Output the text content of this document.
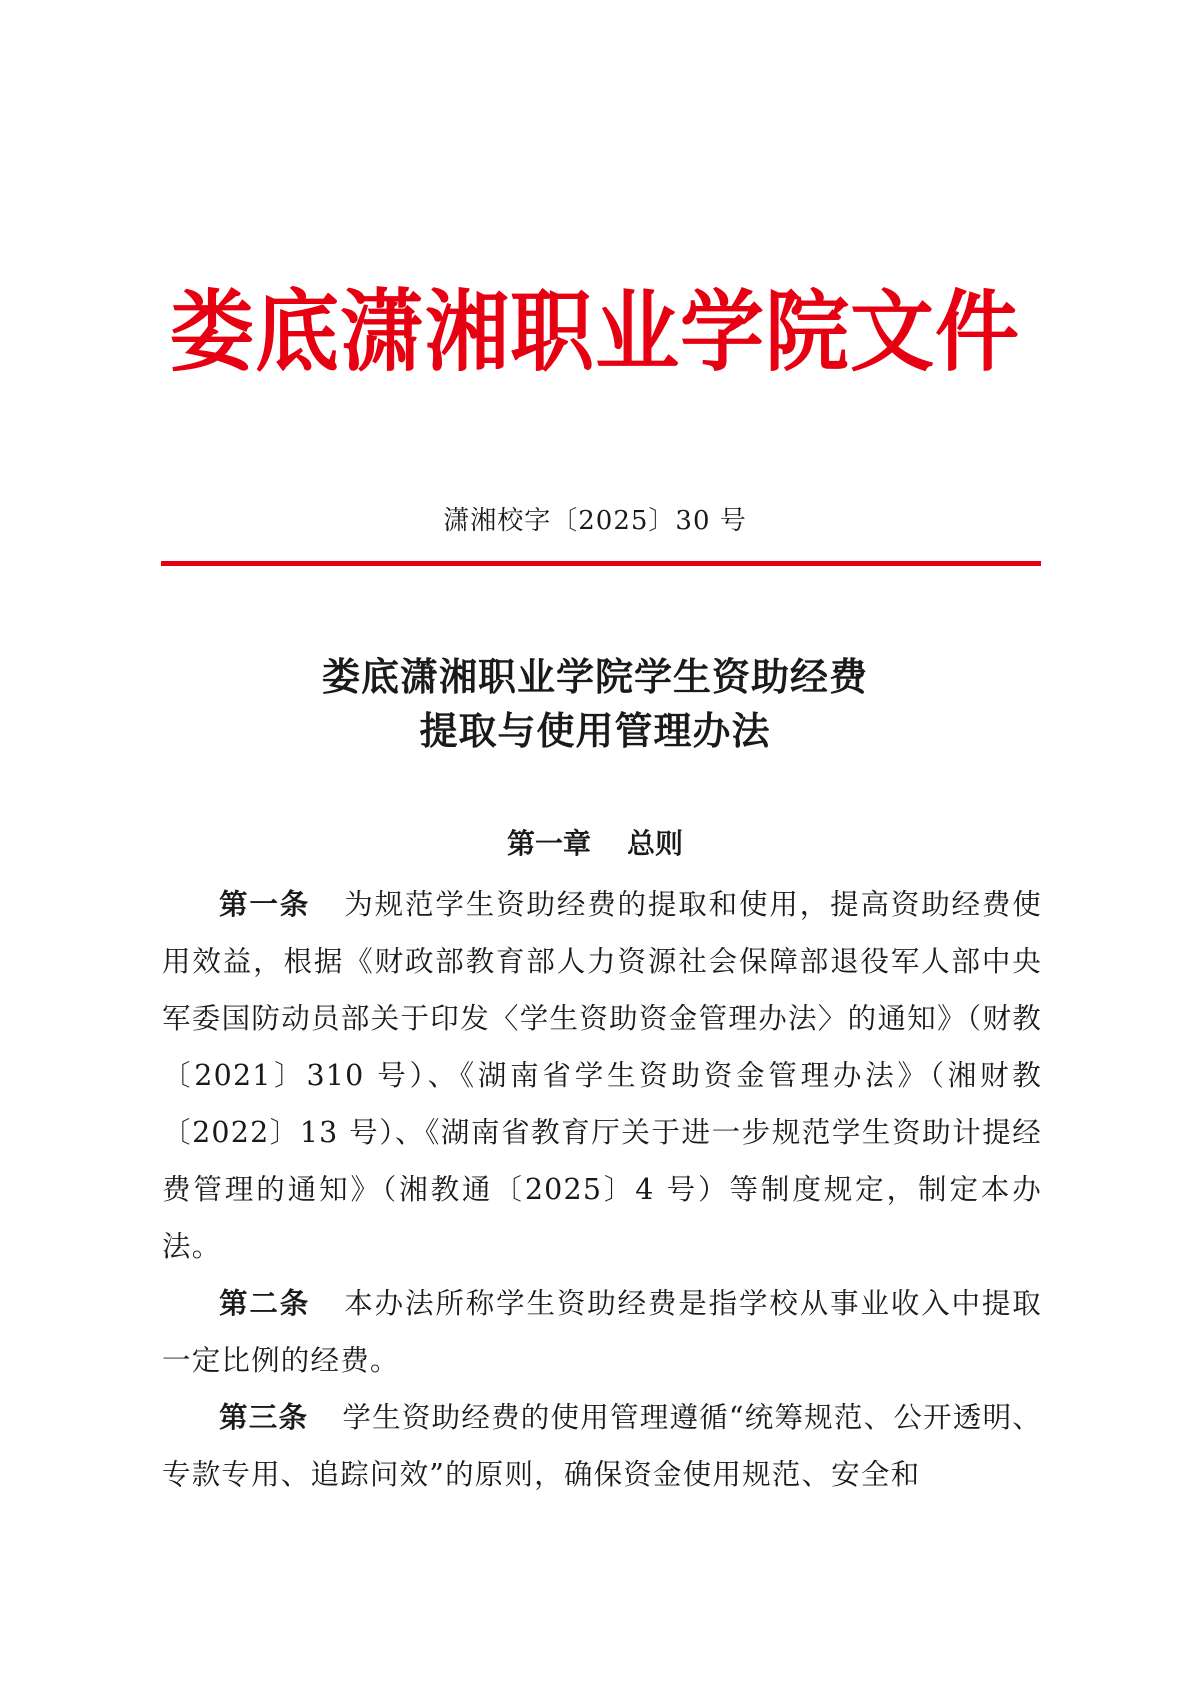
娄底潇湘职业学院文件
潇湘校字〔2025〕30 号
娄底潇湘职业学院学生资助经费
提取与使用管理办法
第一章 总则

第一条 为规范学生资助经费的提取和使用，提高资助经费使用效益，根据《财政部教育部人力资源社会保障部退役军人部中央军委国防动员部关于印发〈学生资助资金管理办法〉的通知》（财教〔2021〕310 号）、《湖南省学生资助资金管理办法》（湘财教〔2022〕13 号）、《湖南省教育厅关于进一步规范学生资助计提经费管理的通知》（湘教通〔2025〕4 号）等制度规定，制定本办法。

第二条 本办法所称学生资助经费是指学校从事业收入中提取一定比例的经费。

第三条 学生资助经费的使用管理遵循“统筹规范、公开透明、专款专用、追踪问效”的原则，确保资金使用规范、安全和
